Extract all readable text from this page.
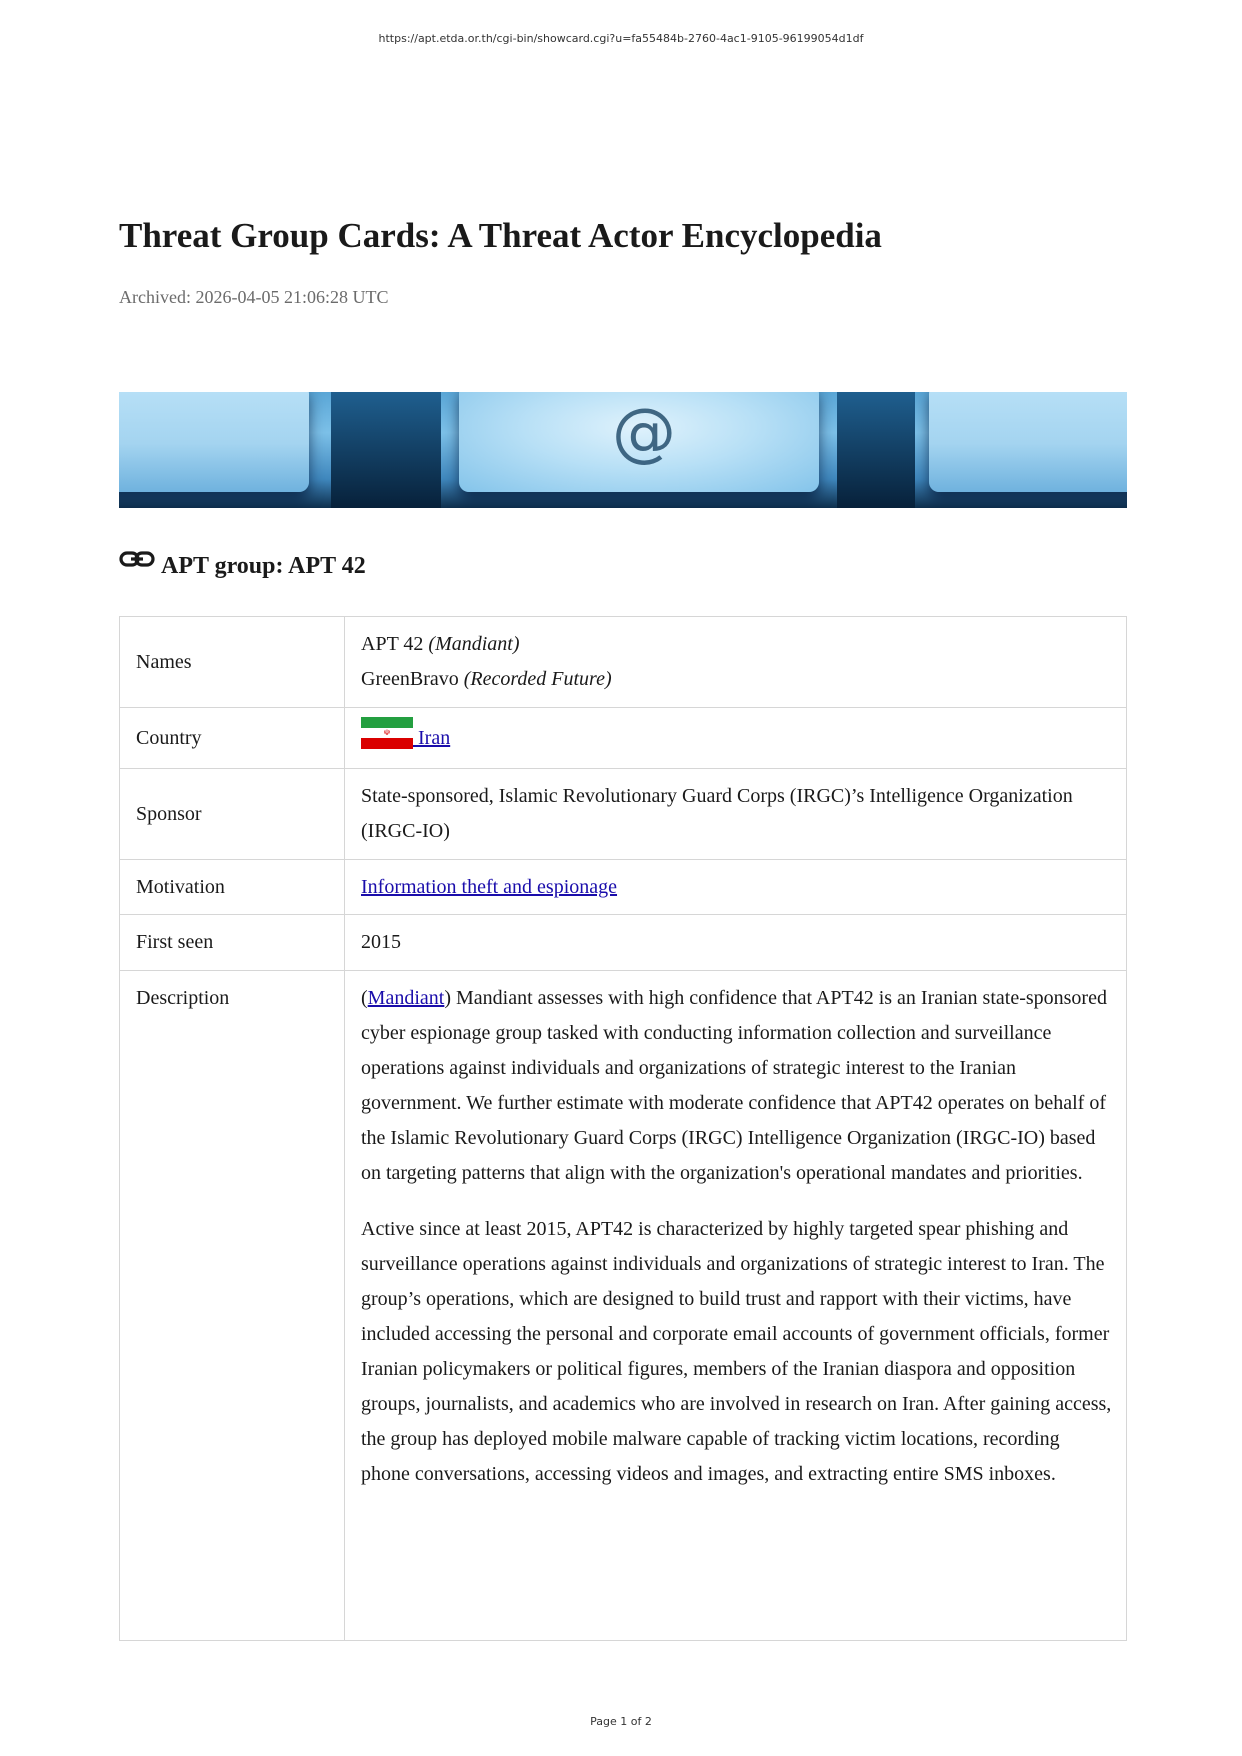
https://apt.etda.or.th/cgi-bin/showcard.cgi?u=fa55484b-2760-4ac1-9105-96199054d1df
Threat Group Cards: A Threat Actor Encyclopedia
Archived: 2026-04-05 21:06:28 UTC
@
APT group: APT 42
Names	APT 42 (Mandiant)
GreenBravo (Recorded Future)

Country	☫ Iran
Sponsor	State-sponsored, Islamic Revolutionary Guard Corps (IRGC)’s Intelligence Organization (IRGC-IO)
Motivation	Information theft and espionage
First seen	2015
Description	(Mandiant) Mandiant assesses with high confidence that APT42 is an Iranian state-sponsored cyber espionage group tasked with conducting information collection and surveillance operations against individuals and organizations of strategic interest to the Iranian government. We further estimate with moderate confidence that APT42 operates on behalf of the Islamic Revolutionary Guard Corps (IRGC) Intelligence Organization (IRGC-IO) based on targeting patterns that align with the organization's operational mandates and priorities.

Active since at least 2015, APT42 is characterized by highly targeted spear phishing and surveillance operations against individuals and organizations of strategic interest to Iran. The group’s operations, which are designed to build trust and rapport with their victims, have included accessing the personal and corporate email accounts of government officials, former Iranian policymakers or political figures, members of the Iranian diaspora and opposition groups, journalists, and academics who are involved in research on Iran. After gaining access, the group has deployed mobile malware capable of tracking victim locations, recording phone conversations, accessing videos and images, and extracting entire SMS inboxes.

Page 1 of 2
